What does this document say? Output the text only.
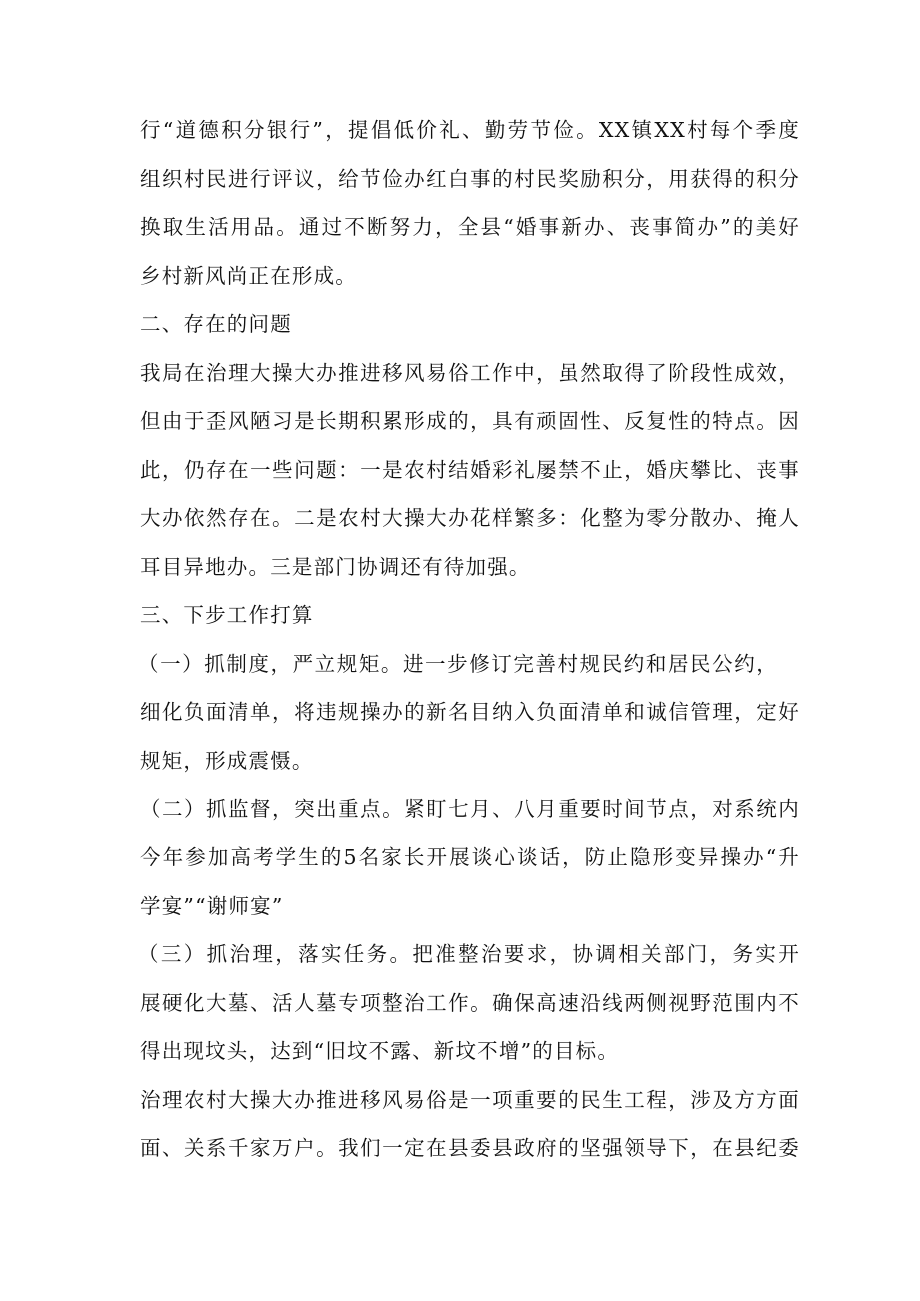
行“道德积分银行”，提倡低价礼、勤劳节俭。XX镇XX村每个季度
组织村民进行评议，给节俭办红白事的村民奖励积分，用获得的积分
换取生活用品。通过不断努力，全县“婚事新办、丧事简办”的美好
乡村新风尚正在形成。
二、存在的问题
我局在治理大操大办推进移风易俗工作中，虽然取得了阶段性成效，
但由于歪风陋习是长期积累形成的，具有顽固性、反复性的特点。因
此，仍存在一些问题：一是农村结婚彩礼屡禁不止，婚庆攀比、丧事
大办依然存在。二是农村大操大办花样繁多：化整为零分散办、掩人
耳目异地办。三是部门协调还有待加强。
三、下步工作打算
（一）抓制度，严立规矩。进一步修订完善村规民约和居民公约，
细化负面清单，将违规操办的新名目纳入负面清单和诚信管理，定好
规矩，形成震慑。
（二）抓监督，突出重点。紧盯七月、八月重要时间节点，对系统内
今年参加高考学生的5名家长开展谈心谈话，防止隐形变异操办“升
学宴”“谢师宴”
（三）抓治理，落实任务。把准整治要求，协调相关部门，务实开
展硬化大墓、活人墓专项整治工作。确保高速沿线两侧视野范围内不
得出现坟头，达到“旧坟不露、新坟不增”的目标。
治理农村大操大办推进移风易俗是一项重要的民生工程，涉及方方面
面、关系千家万户。我们一定在县委县政府的坚强领导下，在县纪委
